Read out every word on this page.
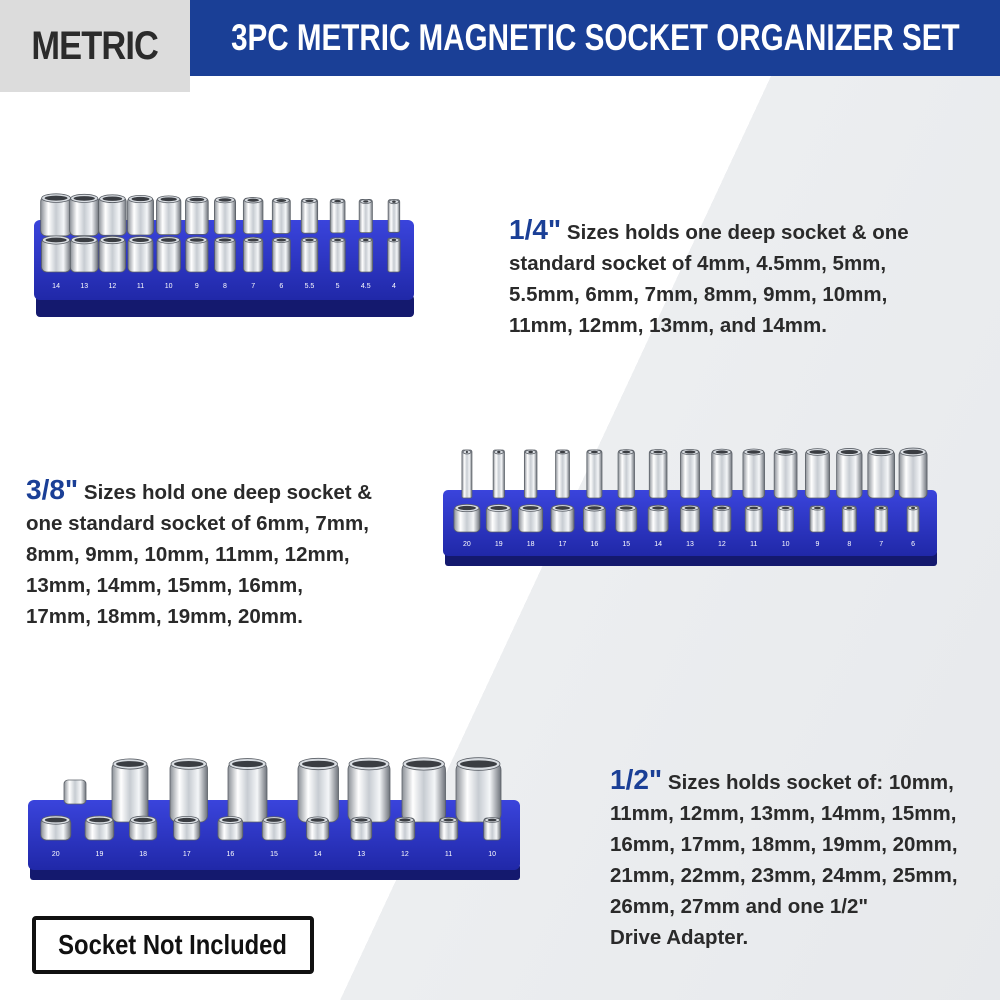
METRIC 3PC METRIC MAGNETIC SOCKET ORGANIZER SET
14	13	12	11	10	9	8	7	6	5.5	5	4.5	4

1/4" Sizes holds one deep socket & one
standard socket of 4mm, 4.5mm, 5mm,
5.5mm, 6mm, 7mm, 8mm, 9mm, 10mm,
11mm, 12mm, 13mm, and 14mm.

20	19	18	17	16	15	14	13	12	11	10	9	8	7	6

3/8" Sizes hold one deep socket &
one standard socket of 6mm, 7mm,
8mm, 9mm, 10mm, 11mm, 12mm,
13mm, 14mm, 15mm, 16mm,
17mm, 18mm, 19mm, 20mm.

20	19	18	17	16	15	14	13	12	11	10

1/2" Sizes holds socket of: 10mm,
11mm, 12mm, 13mm, 14mm, 15mm,
16mm, 17mm, 18mm, 19mm, 20mm,
21mm, 22mm, 23mm, 24mm, 25mm,
26mm, 27mm and one 1/2"
Drive Adapter.

Socket Not Included
